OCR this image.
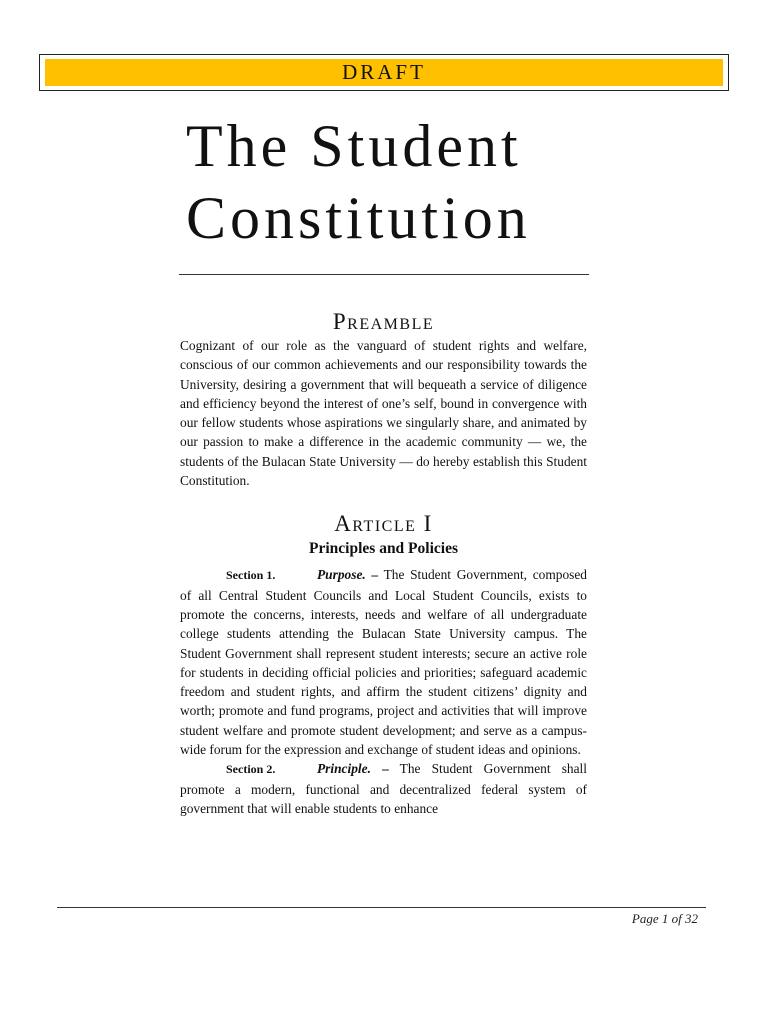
DRAFT
The Student
Constitution
Preamble

Cognizant of our role as the vanguard of student rights and welfare, conscious of our common achievements and our responsibility towards the University, desiring a government that will bequeath a service of diligence and efficiency beyond the interest of one’s self, bound in convergence with our fellow students whose aspirations we singularly share, and animated by our passion to make a difference in the academic community — we, the students of the Bulacan State University — do hereby establish this Student Constitution.

Article I
Principles and Policies

Section 1.	Purpose. – The Student Government, composed of all Central Student Councils and Local Student Councils, exists to promote the concerns, interests, needs and welfare of all undergraduate college students attending the Bulacan State University campus. The Student Government shall represent student interests; secure an active role for students in deciding official policies and priorities; safeguard academic freedom and student rights, and affirm the student citizens’ dignity and worth; promote and fund programs, project and activities that will improve student welfare and promote student development; and serve as a campus-wide forum for the expression and exchange of student ideas and opinions.

Section 2.	Principle. – The Student Government shall promote a modern, functional and decentralized federal system of government that will enable students to enhance

Page 1 of 32
